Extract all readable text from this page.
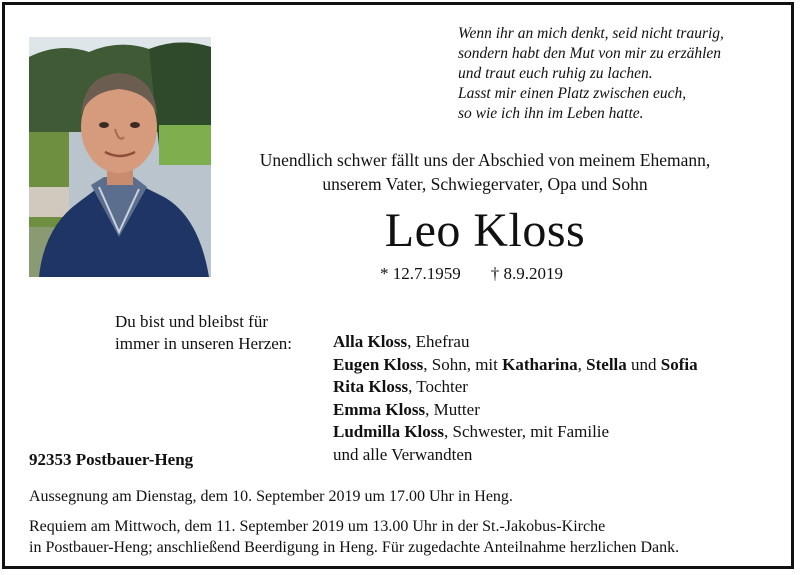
Wenn ihr an mich denkt, seid nicht traurig,
sondern habt den Mut von mir zu erzählen
und traut euch ruhig zu lachen.
Lasst mir einen Platz zwischen euch,
so wie ich ihn im Leben hatte.
Unendlich schwer fällt uns der Abschied von meinem Ehemann,
unserem Vater, Schwiegervater, Opa und Sohn
Leo Kloss
* 12.7.1959 † 8.9.2019
Du bist und bleibst für
immer in unseren Herzen: Alla Kloss, Ehefrau
Eugen Kloss, Sohn, mit Katharina, Stella und Sofia
Rita Kloss, Tochter
Emma Kloss, Mutter
Ludmilla Kloss, Schwester, mit Familie
und alle Verwandten
92353 Postbauer-Heng
Aussegnung am Dienstag, dem 10. September 2019 um 17.00 Uhr in Heng.
Requiem am Mittwoch, dem 11. September 2019 um 13.00 Uhr in der St.-Jakobus-Kirche
in Postbauer-Heng; anschließend Beerdigung in Heng. Für zugedachte Anteilnahme herzlichen Dank.
